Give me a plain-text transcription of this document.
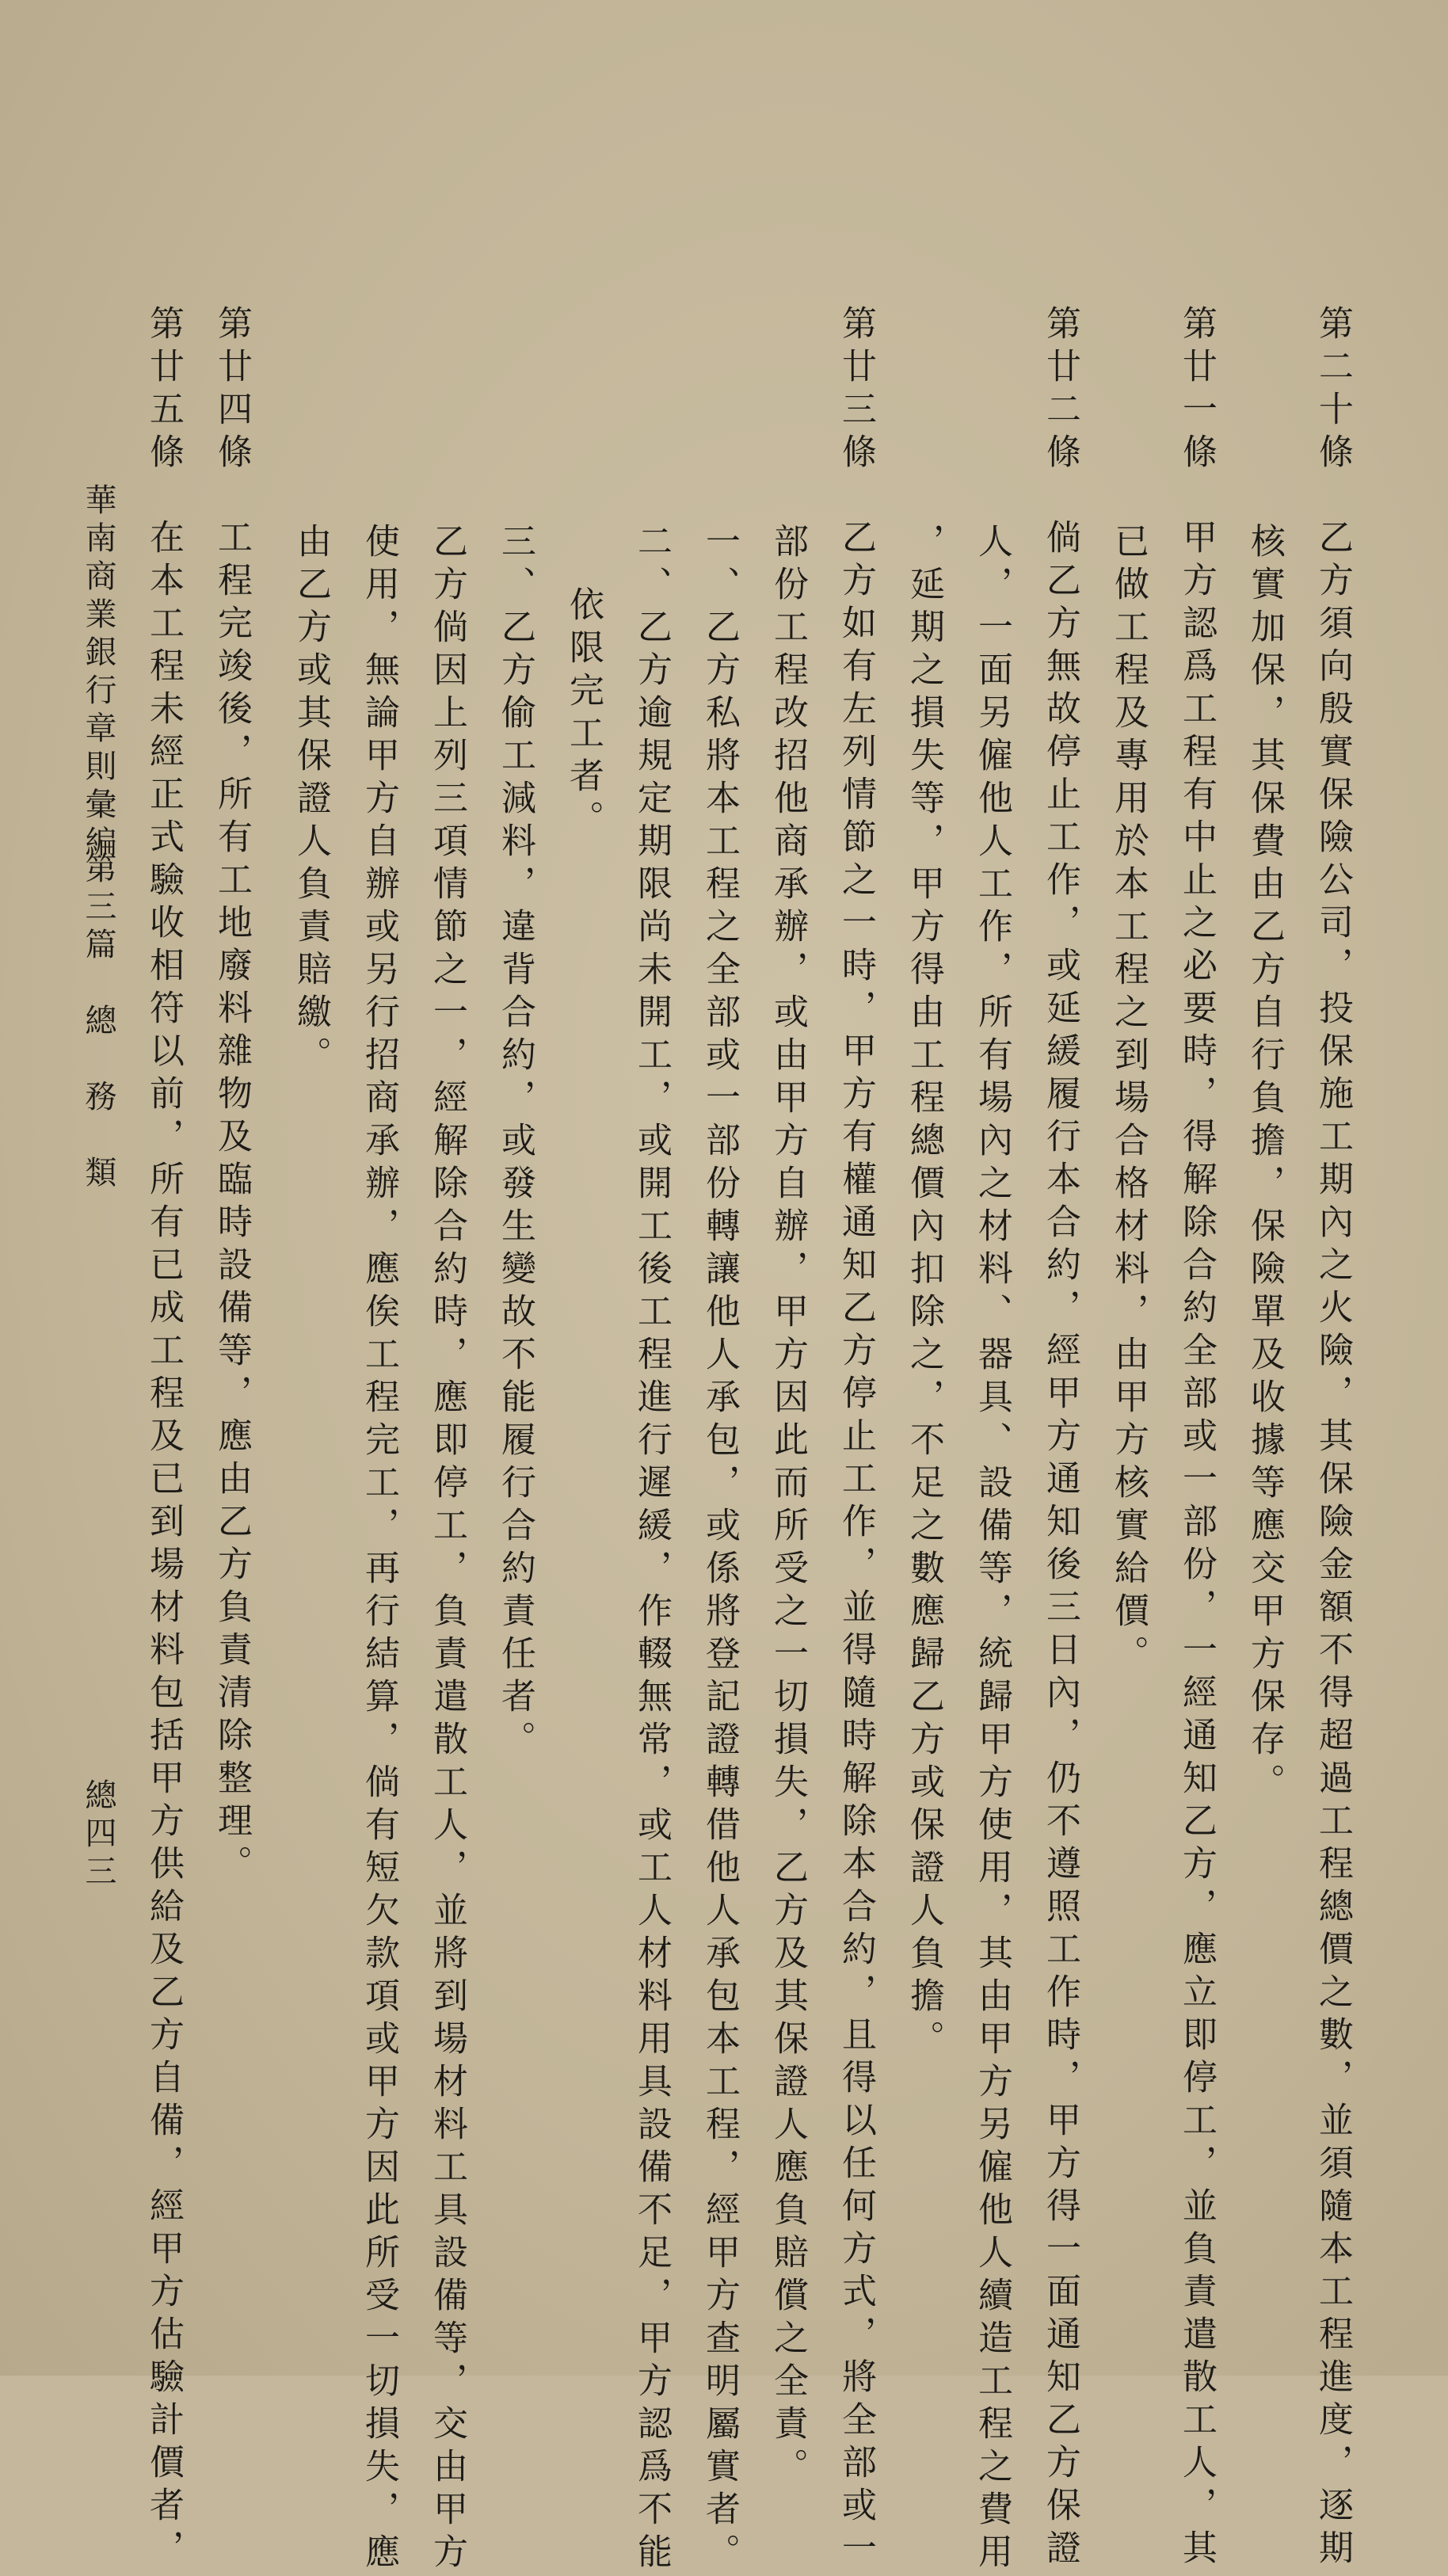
第二十條　乙方須向殷實保險公司，投保施工期內之火險，其保險金額不得超過工程總價之數，並須隨本工程進度，逐期
核實加保，其保費由乙方自行負擔，保險單及收據等應交甲方保存。
第廿一條　甲方認爲工程有中止之必要時，得解除合約全部或一部份，一經通知乙方，應立即停工，並負責遣散工人，其
已做工程及專用於本工程之到場合格材料，由甲方核實給價。
第廿二條　倘乙方無故停止工作，或延緩履行本合約，經甲方通知後三日內，仍不遵照工作時，甲方得一面通知乙方保證
人，一面另僱他人工作，所有場內之材料、器具、設備等，統歸甲方使用，其由甲方另僱他人續造工程之費用
，延期之損失等，甲方得由工程總價內扣除之，不足之數應歸乙方或保證人負擔。
第廿三條　乙方如有左列情節之一時，甲方有權通知乙方停止工作，並得隨時解除本合約，且得以任何方式，將全部或一
部份工程改招他商承辦，或由甲方自辦，甲方因此而所受之一切損失，乙方及其保證人應負賠償之全責。
一、乙方私將本工程之全部或一部份轉讓他人承包，或係將登記證轉借他人承包本工程，經甲方查明屬實者。
二、乙方逾規定期限尚未開工，或開工後工程進行遲緩，作輟無常，或工人材料用具設備不足，甲方認爲不能
依限完工者。
三、乙方偷工減料，違背合約，或發生變故不能履行合約責任者。
乙方倘因上列三項情節之一，經解除合約時，應即停工，負責遣散工人，並將到場材料工具設備等，交由甲方
使用，無論甲方自辦或另行招商承辦，應俟工程完工，再行結算，倘有短欠款項或甲方因此所受一切損失，應
由乙方或其保證人負責賠繳。
第廿四條　工程完竣後，所有工地廢料雜物及臨時設備等，應由乙方負責清除整理。
第廿五條　在本工程未經正式驗收相符以前，所有已成工程及已到場材料包括甲方供給及乙方自備，經甲方估驗計價者，
華南商業銀行章則彙編
第三篇　總　務　類
總四三
